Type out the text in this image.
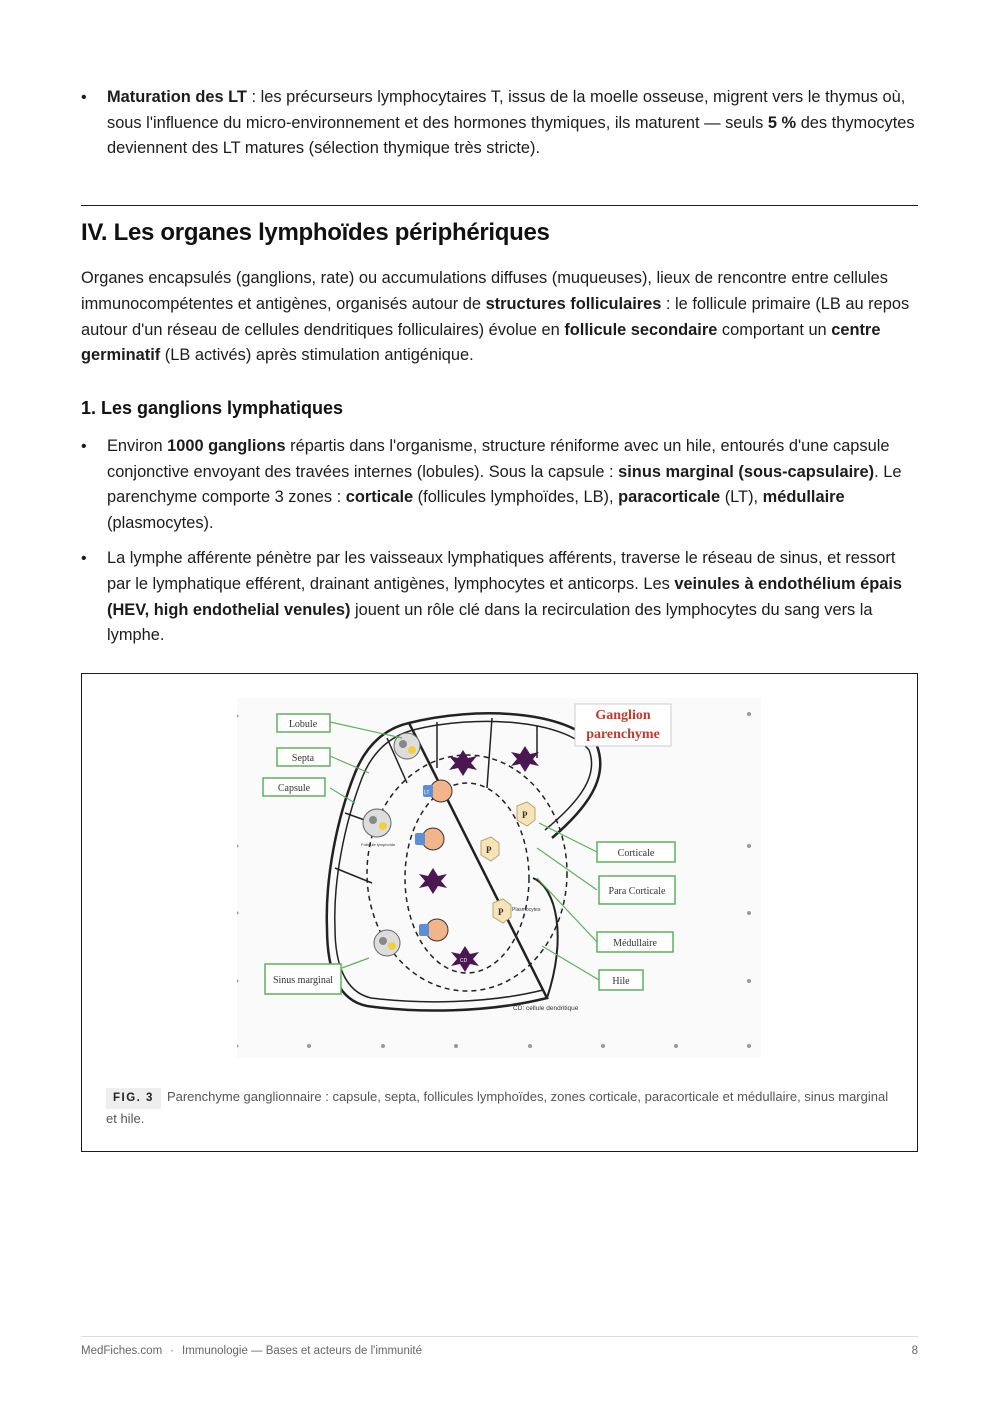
• Maturation des LT : les précurseurs lymphocytaires T, issus de la moelle osseuse, migrent vers le thymus où, sous l'influence du micro-environnement et des hormones thymiques, ils maturent — seuls 5 % des thymocytes deviennent des LT matures (sélection thymique très stricte).
IV. Les organes lymphoïdes périphériques

Organes encapsulés (ganglions, rate) ou accumulations diffuses (muqueuses), lieux de rencontre entre cellules immunocompétentes et antigènes, organisés autour de structures folliculaires : le follicule primaire (LB au repos autour d'un réseau de cellules dendritiques folliculaires) évolue en follicule secondaire comportant un centre germinatif (LB activés) après stimulation antigénique.

1. Les ganglions lymphatiques
• Environ 1000 ganglions répartis dans l'organisme, structure réniforme avec un hile, entourés d'une capsule conjonctive envoyant des travées internes (lobules). Sous la capsule : sinus marginal (sous-capsulaire). Le parenchyme comporte 3 zones : corticale (follicules lymphoïdes, LB), paracorticale (LT), médullaire (plasmocytes).
• La lymphe afférente pénètre par les vaisseaux lymphatiques afférents, traverse le réseau de sinus, et ressort par le lymphatique efférent, drainant antigènes, lymphocytes et anticorps. Les veinules à endothélium épais (HEV, high endothelial venules) jouent un rôle clé dans la recirculation des lymphocytes du sang vers la lymphe.
CD
LT
P
P
P Plasmocytes
Lobule
Septa
Capsule
Sinus marginal
Follicule lymphoïde
Corticale
Para Corticale
Médullaire
Hile
Ganglion
parenchyme
CD: cellule dendritique
FIG. 3 Parenchyme ganglionnaire : capsule, septa, follicules lymphoïdes, zones corticale, paracorticale et médullaire, sinus marginal et hile.
MedFiches.com · Immunologie — Bases et acteurs de l'immunité	8
